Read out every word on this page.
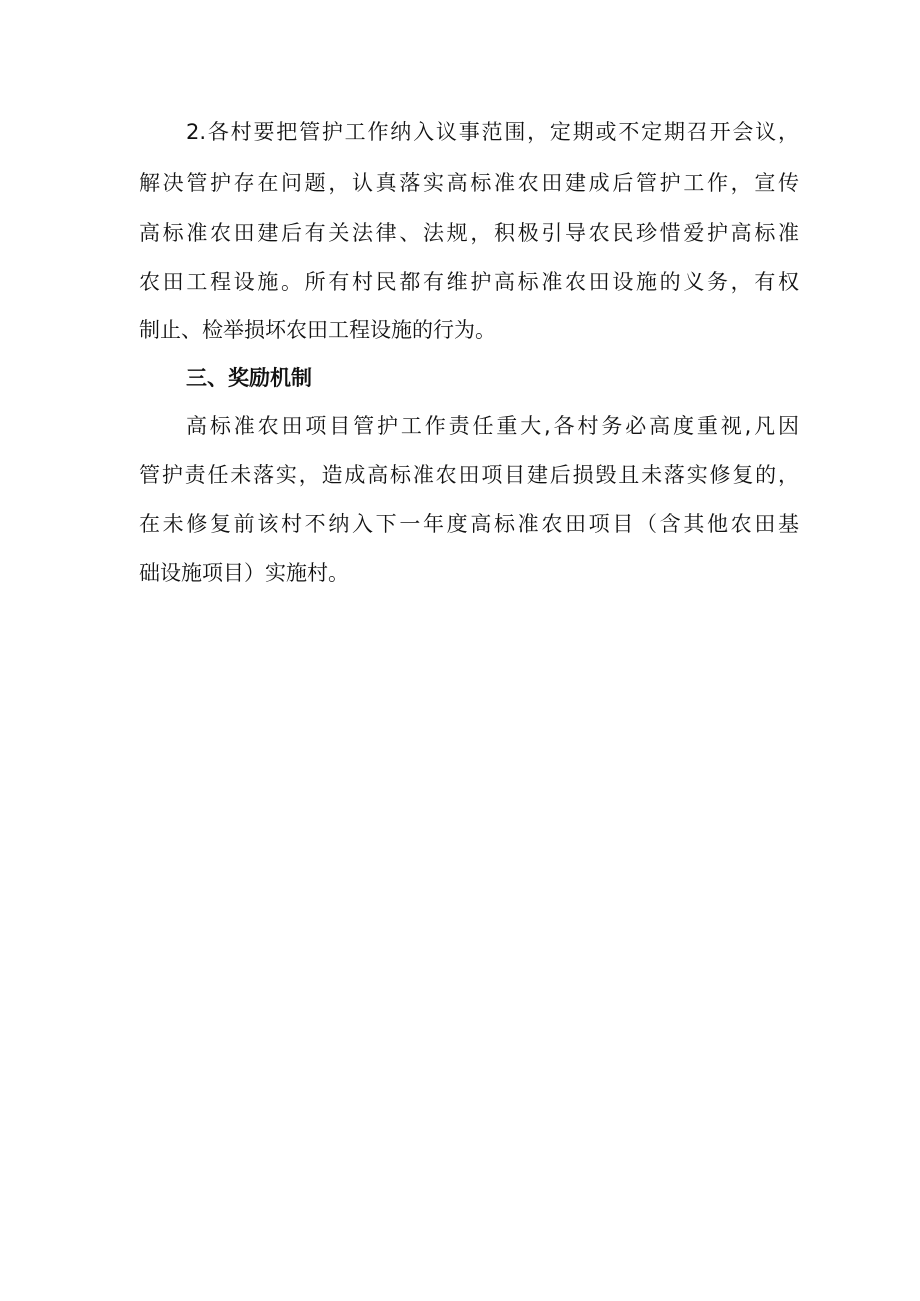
2.各村要把管护工作纳入议事范围，定期或不定期召开会议，
解决管护存在问题，认真落实高标准农田建成后管护工作，宣传
高标准农田建后有关法律、法规，积极引导农民珍惜爱护高标准
农田工程设施。所有村民都有维护高标准农田设施的义务，有权
制止、检举损坏农田工程设施的行为。
三、奖励机制
高标准农田项目管护工作责任重大,各村务必高度重视,凡因
管护责任未落实，造成高标准农田项目建后损毁且未落实修复的，
在未修复前该村不纳入下一年度高标准农田项目（含其他农田基
础设施项目）实施村。
